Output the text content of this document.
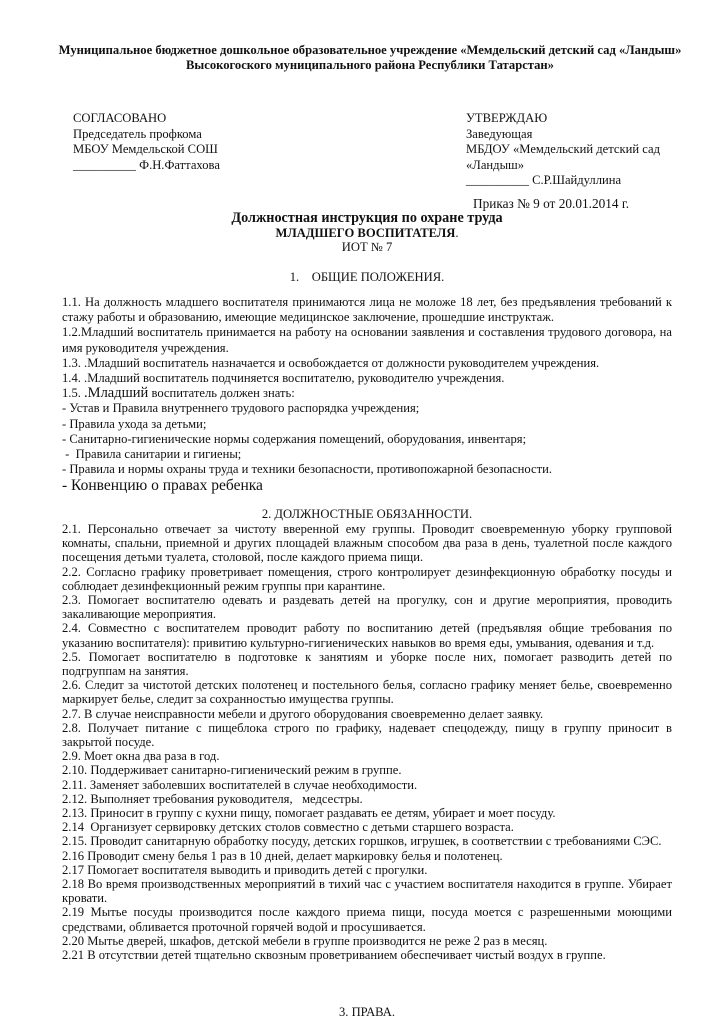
Муниципальное бюджетное дошкольное образовательное учреждение «Мемдельский детский сад «Ландыш»
Высокогоского муниципального района Республики Татарстан»
СОГЛАСОВАНО
Председатель профкома
МБОУ Мемдельской СОШ
__________ Ф.Н.Фаттахова
УТВЕРЖДАЮ
Заведующая
МБДОУ «Мемдельский детский сад
«Ландыш»
__________ С.Р.Шайдуллина
Приказ № 9 от 20.01.2014 г.
Должностная инструкция по охране труда
МЛАДШЕГО ВОСПИТАТЕЛЯ.
ИОТ № 7
1.    ОБЩИЕ ПОЛОЖЕНИЯ.

1.1. На должность младшего воспитателя принимаются лица не моложе 18 лет, без предъявления требований к стажу работы и образованию, имеющие медицинское заключение, прошедшие инструктаж.

1.2.Младший воспитатель принимается на работу на основании заявления и составления трудового договора, на имя руководителя учреждения.

1.3. .Младший воспитатель назначается и освобождается от должности руководителем учреждения.

1.4. .Младший воспитатель подчиняется воспитателю, руководителю учреждения.

1.5. .Младший воспитатель должен знать:

- Устав и Правила внутреннего трудового распорядка учреждения;

- Правила ухода за детьми;

- Санитарно-гигиенические нормы содержания помещений, оборудования, инвентаря;

-  Правила санитарии и гигиены;

- Правила и нормы охраны труда и техники безопасности, противопожарной безопасности.

- Конвенцию о правах ребенка

2. ДОЛЖНОСТНЫЕ ОБЯЗАННОСТИ.

2.1. Персонально отвечает за чистоту вверенной ему группы. Проводит своевременную уборку групповой комнаты, спальни, приемной и других площадей влажным способом два раза в день, туалетной после каждого посещения детьми туалета, столовой, после каждого приема пищи.

2.2. Согласно графику проветривает помещения, строго контролирует дезинфекционную обработку посуды и соблюдает дезинфекционный режим группы при карантине.

2.3. Помогает воспитателю одевать и раздевать детей на прогулку, сон и другие мероприятия, проводить закаливающие мероприятия.

2.4. Совместно с воспитателем проводит работу по воспитанию детей (предъявляя общие требования по указанию воспитателя): привитию культурно-гигиенических навыков во время еды, умывания, одевания и т.д.

2.5. Помогает воспитателю в подготовке к занятиям и уборке после них, помогает разводить детей по подгруппам на занятия.

2.6. Следит за чистотой детских полотенец и постельного белья, согласно графику меняет белье, своевременно маркирует белье, следит за сохранностью имущества группы.

2.7. В случае неисправности мебели и другого оборудования своевременно делает заявку.

2.8. Получает питание с пищеблока строго по графику, надевает спецодежду, пищу в группу приносит в закрытой посуде.

2.9. Моет окна два раза в год.

2.10. Поддерживает санитарно-гигиенический режим в группе.

2.11. Заменяет заболевших воспитателей в случае необходимости.

2.12. Выполняет требования руководителя,   медсестры.

2.13. Приносит в группу с кухни пищу, помогает раздавать ее детям, убирает и моет посуду.

2.14  Организует сервировку детских столов совместно с детьми старшего возраста.

2.15. Проводит санитарную обработку посуду, детских горшков, игрушек, в соответствии с требованиями СЭС.

2.16 Проводит смену белья 1 раз в 10 дней, делает маркировку белья и полотенец.

2.17 Помогает воспитателя выводить и приводить детей с прогулки.

2.18 Во время производственных мероприятий в тихий час с участием воспитателя находится в группе. Убирает кровати.

2.19 Мытье посуды производится после каждого приема пищи, посуда моется с разрешенными моющими средствами, обливается проточной горячей водой и просушивается.

2.20 Мытье дверей, шкафов, детской мебели в группе производится не реже 2 раз в месяц.

2.21 В отсутствии детей тщательно сквозным проветриванием обеспечивает чистый воздух в группе.

3. ПРАВА.
